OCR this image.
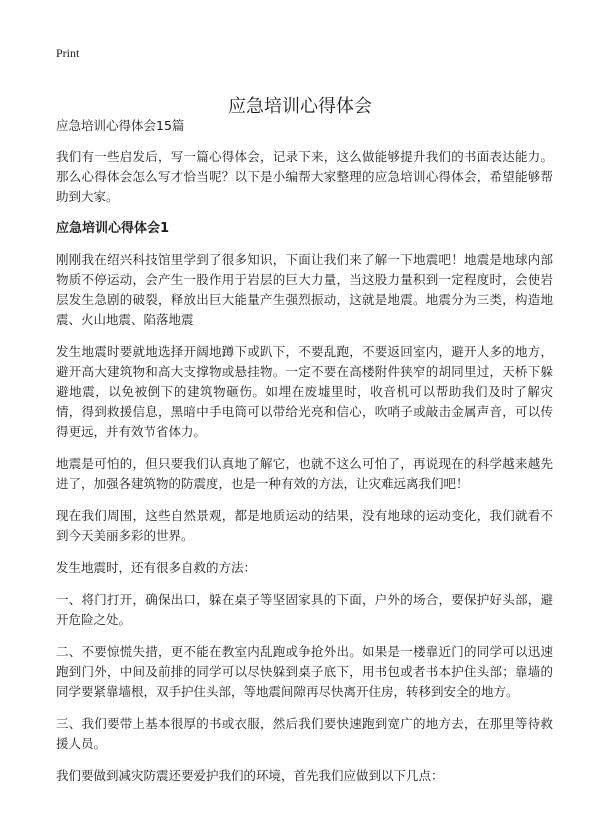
Print
应急培训心得体会

应急培训心得体会15篇

我们有一些启发后，写一篇心得体会，记录下来，这么做能够提升我们的书面表达能力。那么心得体会怎么写才恰当呢？以下是小编帮大家整理的应急培训心得体会，希望能够帮助到大家。

应急培训心得体会1

刚刚我在绍兴科技馆里学到了很多知识，下面让我们来了解一下地震吧！地震是地球内部物质不停运动，会产生一股作用于岩层的巨大力量，当这股力量积到一定程度时，会使岩层发生急剧的破裂，释放出巨大能量产生强烈振动，这就是地震。地震分为三类，构造地震、火山地震、陷落地震

发生地震时要就地选择开阔地蹲下或趴下，不要乱跑，不要返回室内，避开人多的地方，避开高大建筑物和高大支撑物或悬挂物。一定不要在高楼附件狭窄的胡同里过，天桥下躲避地震，以免被倒下的建筑物砸伤。如埋在废墟里时，收音机可以帮助我们及时了解灾情，得到救援信息，黑暗中手电筒可以带给光亮和信心，吹哨子或敲击金属声音，可以传得更远，并有效节省体力。

地震是可怕的，但只要我们认真地了解它，也就不这么可怕了，再说现在的科学越来越先进了，加强各建筑物的防震度，也是一种有效的方法，让灾难远离我们吧！

现在我们周围，这些自然景观，都是地质运动的结果，没有地球的运动变化，我们就看不到今天美丽多彩的世界。

发生地震时，还有很多自救的方法：

一、将门打开，确保出口，躲在桌子等坚固家具的下面，户外的场合，要保护好头部，避开危险之处。

二、不要惊慌失措，更不能在教室内乱跑或争抢外出。如果是一楼靠近门的同学可以迅速跑到门外，中间及前排的同学可以尽快躲到桌子底下，用书包或者书本护住头部；靠墙的同学要紧靠墙根，双手护住头部，等地震间隙再尽快离开住房，转移到安全的地方。

三、我们要带上基本很厚的书或衣服，然后我们要快速跑到宽广的地方去，在那里等待救援人员。

我们要做到减灾防震还要爱护我们的环境，首先我们应做到以下几点：
